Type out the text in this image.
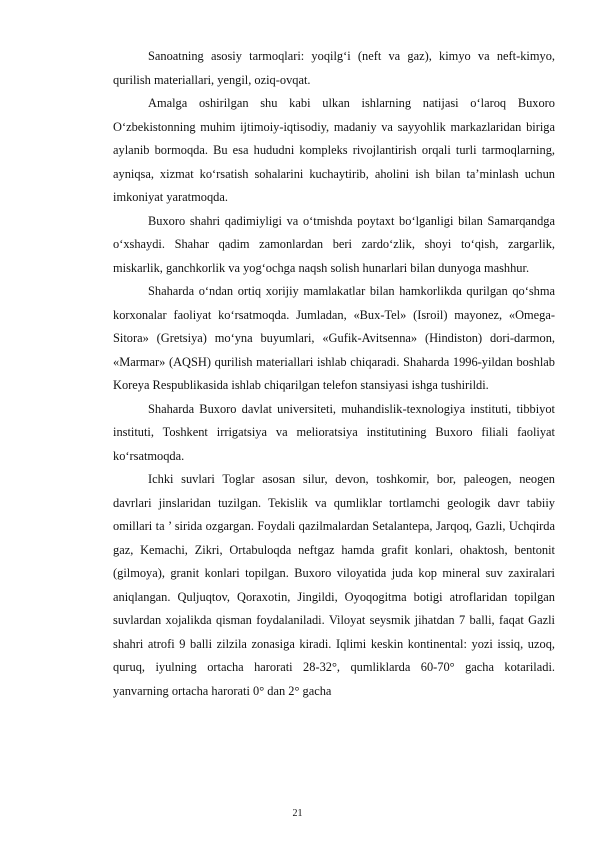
Sanoatning asosiy tarmoqlari: yoqilg‘i (neft va gaz), kimyo va neft-kimyo, qurilish materiallari, yengil, oziq-ovqat.

Amalga oshirilgan shu kabi ulkan ishlarning natijasi o‘laroq Buxoro O‘zbekistonning muhim ijtimoiy-iqtisodiy, madaniy va sayyohlik markazlaridan biriga aylanib bormoqda. Bu esa hududni kompleks rivojlantirish orqali turli tarmoqlarning, ayniqsa, xizmat ko‘rsatish sohalarini kuchaytirib, aholini ish bilan ta’minlash uchun imkoniyat yaratmoqda.

Buxoro shahri qadimiyligi va o‘tmishda poytaxt bo‘lganligi bilan Samarqandga o‘xshaydi. Shahar qadim zamonlardan beri zardo‘zlik, shoyi to‘qish, zargarlik, miskarlik, ganchkorlik va yog‘ochga naqsh solish hunarlari bilan dunyoga mashhur.

Shaharda o‘ndan ortiq xorijiy mamlakatlar bilan hamkorlikda qurilgan qo‘shma korxonalar faoliyat ko‘rsatmoqda. Jumladan, «Bux-Tel» (Isroil) mayonez, «Omega-Sitora» (Gretsiya) mo‘yna buyumlari, «Gufik-Avitsenna» (Hindiston) dori-darmon, «Marmar» (AQSH) qurilish materiallari ishlab chiqaradi. Shaharda 1996-yildan boshlab Koreya Respublikasida ishlab chiqarilgan telefon stansiyasi ishga tushirildi.

Shaharda Buxoro davlat universiteti, muhandislik-texnologiya instituti, tibbiyot instituti, Toshkent irrigatsiya va melioratsiya institutining Buxoro filiali faoliyat ko‘rsatmoqda.

Ichki suvlari Toglar asosan silur, devon, toshkomir, bor, paleogen, neogen davrlari jinslaridan tuzilgan. Tekislik va qumliklar tortlamchi geologik davr tabiiy omillari ta ’ sirida ozgargan. Foydali qazilmalardan Setalantepa, Jarqoq, Gazli, Uchqirda gaz, Kemachi, Zikri, Ortabuloqda neftgaz hamda grafit konlari, ohaktosh, bentonit (gilmoya), granit konlari topilgan. Buxoro viloyatida juda kop mineral suv zaxiralari aniqlangan. Quljuqtov, Qoraxotin, Jingildi, Oyoqogitma botigi atroflaridan topilgan suvlardan xojalikda qisman foydalaniladi. Viloyat seysmik jihatdan 7 balli, faqat Gazli shahri atrofi 9 balli zilzila zonasiga kiradi. Iqlimi keskin kontinental: yozi issiq, uzoq, quruq, iyulning ortacha harorati 28-32°, qumliklarda 60-70° gacha kotariladi. yanvarning ortacha harorati 0° dan 2° gacha

21
